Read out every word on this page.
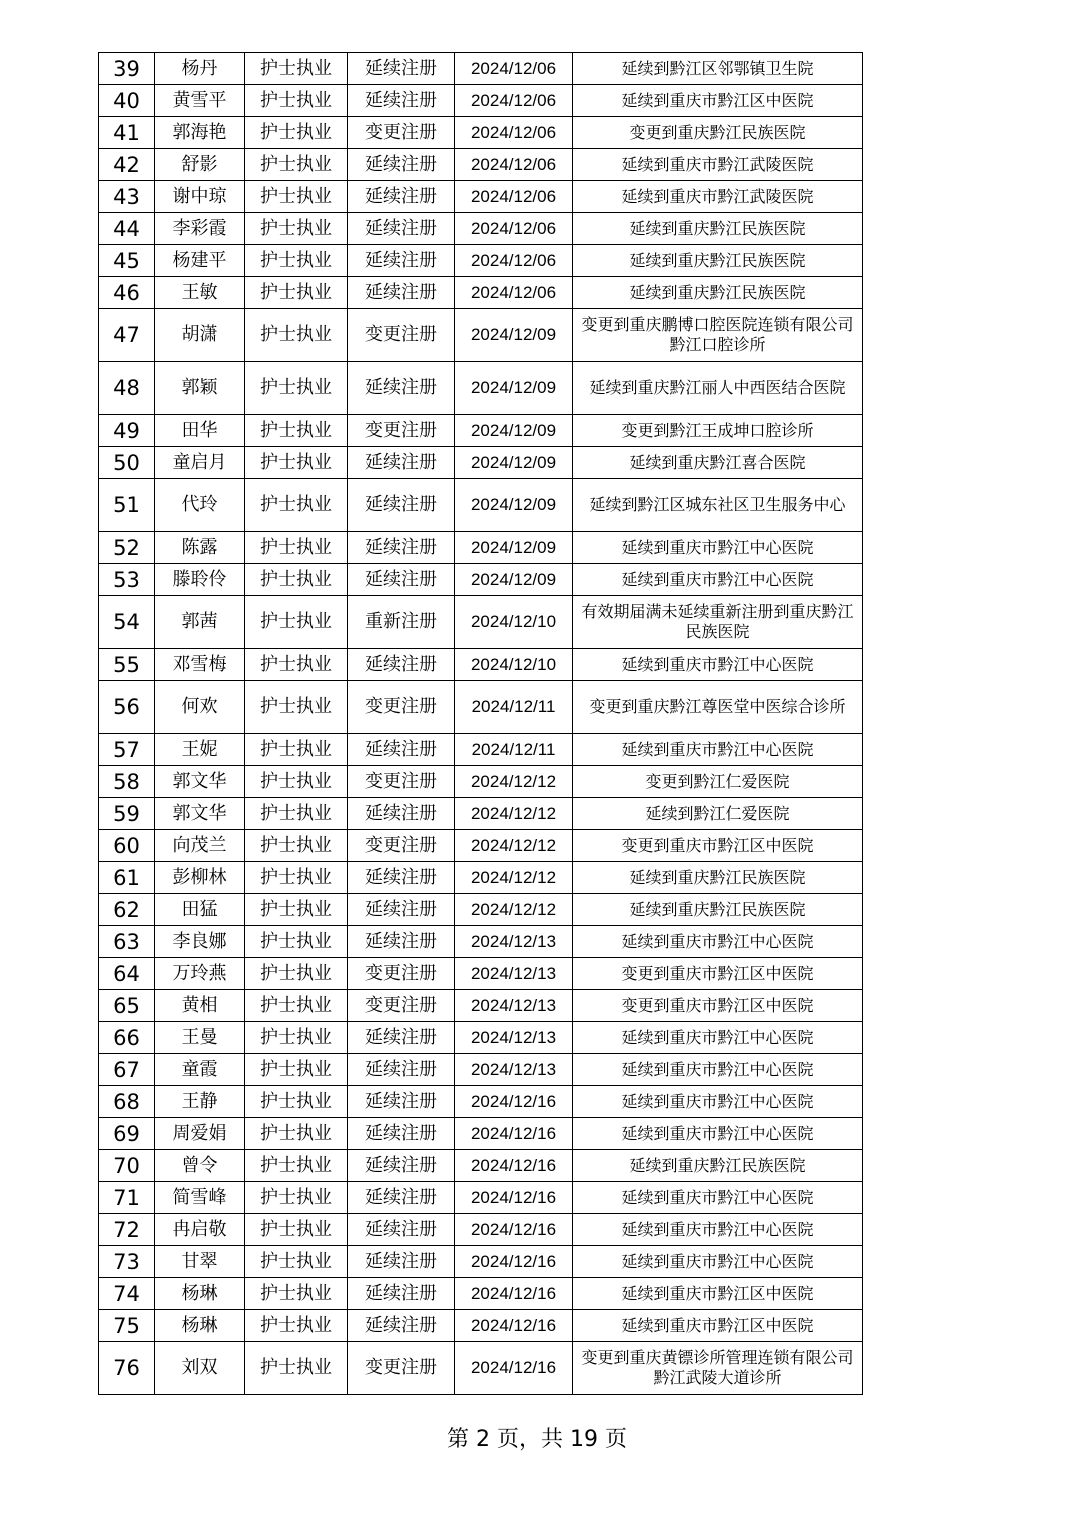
39	杨丹	护士执业	延续注册	2024/12/06	延续到黔江区邻鄂镇卫生院
40	黄雪平	护士执业	延续注册	2024/12/06	延续到重庆市黔江区中医院
41	郭海艳	护士执业	变更注册	2024/12/06	变更到重庆黔江民族医院
42	舒影	护士执业	延续注册	2024/12/06	延续到重庆市黔江武陵医院
43	谢中琼	护士执业	延续注册	2024/12/06	延续到重庆市黔江武陵医院
44	李彩霞	护士执业	延续注册	2024/12/06	延续到重庆黔江民族医院
45	杨建平	护士执业	延续注册	2024/12/06	延续到重庆黔江民族医院
46	王敏	护士执业	延续注册	2024/12/06	延续到重庆黔江民族医院
47	胡潇	护士执业	变更注册	2024/12/09	变更到重庆鹏博口腔医院连锁有限公司黔江口腔诊所
48	郭颖	护士执业	延续注册	2024/12/09	延续到重庆黔江丽人中西医结合医院
49	田华	护士执业	变更注册	2024/12/09	变更到黔江王成坤口腔诊所
50	童启月	护士执业	延续注册	2024/12/09	延续到重庆黔江喜合医院
51	代玲	护士执业	延续注册	2024/12/09	延续到黔江区城东社区卫生服务中心
52	陈露	护士执业	延续注册	2024/12/09	延续到重庆市黔江中心医院
53	滕聆伶	护士执业	延续注册	2024/12/09	延续到重庆市黔江中心医院
54	郭茜	护士执业	重新注册	2024/12/10	有效期届满未延续重新注册到重庆黔江民族医院
55	邓雪梅	护士执业	延续注册	2024/12/10	延续到重庆市黔江中心医院
56	何欢	护士执业	变更注册	2024/12/11	变更到重庆黔江尊医堂中医综合诊所
57	王妮	护士执业	延续注册	2024/12/11	延续到重庆市黔江中心医院
58	郭文华	护士执业	变更注册	2024/12/12	变更到黔江仁爱医院
59	郭文华	护士执业	延续注册	2024/12/12	延续到黔江仁爱医院
60	向茂兰	护士执业	变更注册	2024/12/12	变更到重庆市黔江区中医院
61	彭柳林	护士执业	延续注册	2024/12/12	延续到重庆黔江民族医院
62	田猛	护士执业	延续注册	2024/12/12	延续到重庆黔江民族医院
63	李良娜	护士执业	延续注册	2024/12/13	延续到重庆市黔江中心医院
64	万玲燕	护士执业	变更注册	2024/12/13	变更到重庆市黔江区中医院
65	黄相	护士执业	变更注册	2024/12/13	变更到重庆市黔江区中医院
66	王曼	护士执业	延续注册	2024/12/13	延续到重庆市黔江中心医院
67	童霞	护士执业	延续注册	2024/12/13	延续到重庆市黔江中心医院
68	王静	护士执业	延续注册	2024/12/16	延续到重庆市黔江中心医院
69	周爱娟	护士执业	延续注册	2024/12/16	延续到重庆市黔江中心医院
70	曾令	护士执业	延续注册	2024/12/16	延续到重庆黔江民族医院
71	简雪峰	护士执业	延续注册	2024/12/16	延续到重庆市黔江中心医院
72	冉启敬	护士执业	延续注册	2024/12/16	延续到重庆市黔江中心医院
73	甘翠	护士执业	延续注册	2024/12/16	延续到重庆市黔江中心医院
74	杨琳	护士执业	延续注册	2024/12/16	延续到重庆市黔江区中医院
75	杨琳	护士执业	延续注册	2024/12/16	延续到重庆市黔江区中医院
76	刘双	护士执业	变更注册	2024/12/16	变更到重庆黄镖诊所管理连锁有限公司黔江武陵大道诊所
第 2 页，共 19 页
